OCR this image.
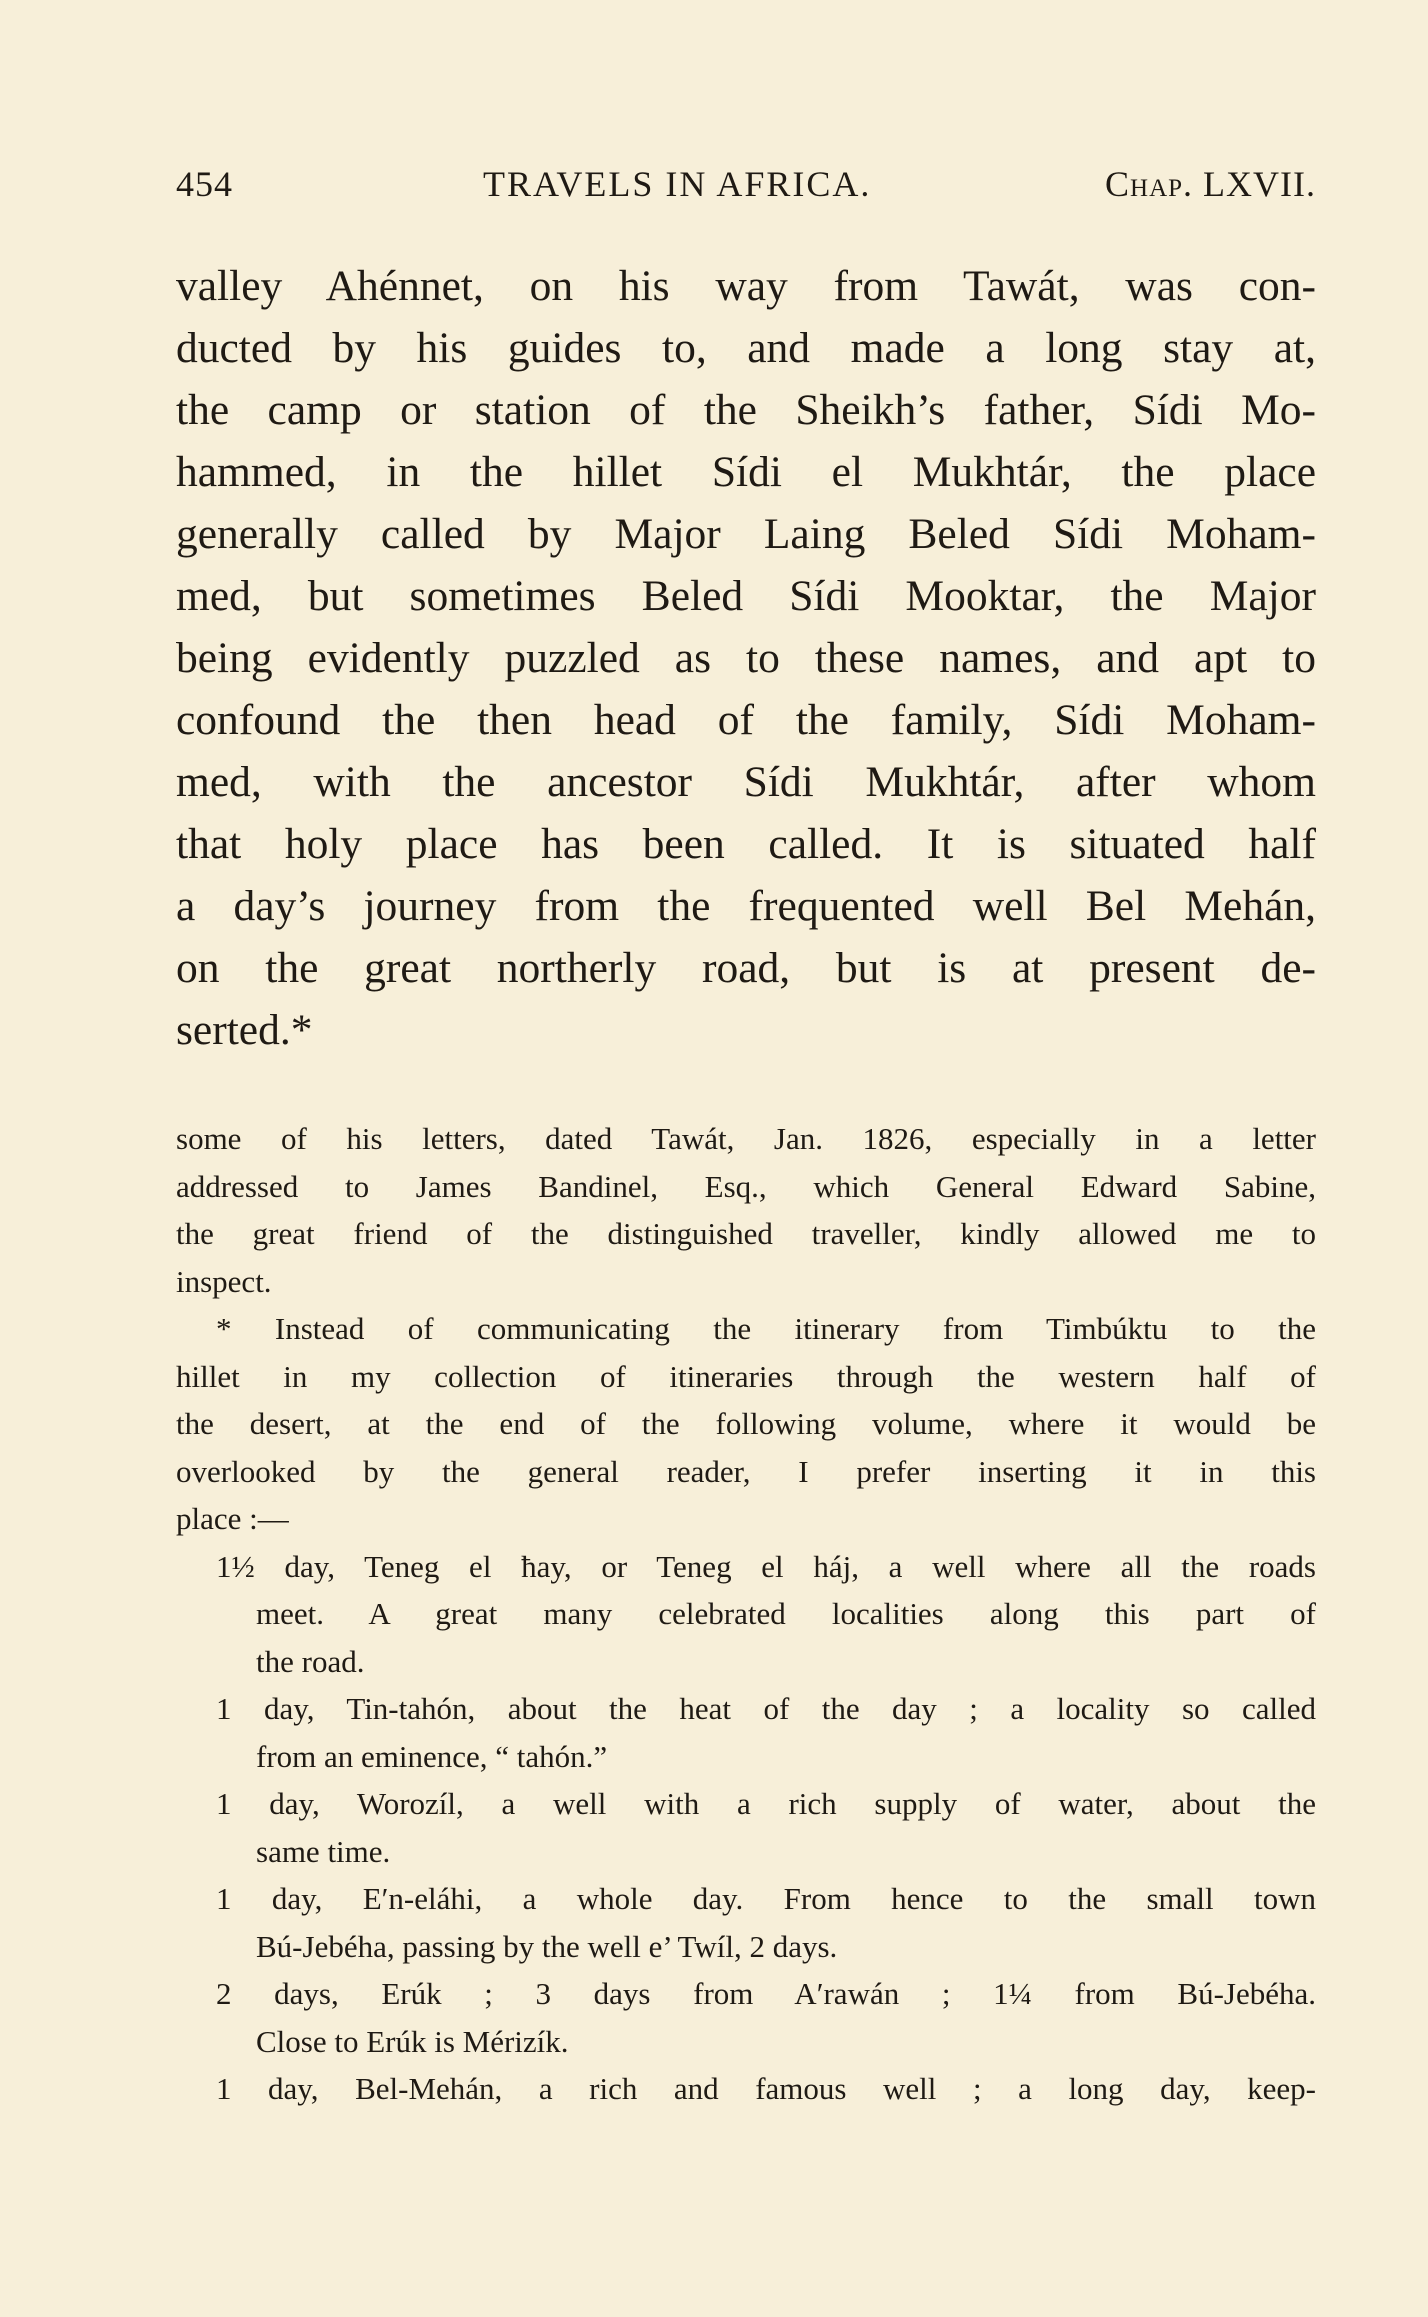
454	TRAVELS IN AFRICA.	Chap. LXVII.
valley Ahénnet, on his way from Tawát, was con-
ducted by his guides to, and made a long stay at,
the camp or station of the Sheikh’s father, Sídi Mo-
hammed, in the hillet Sídi el Mukhtár, the place
generally called by Major Laing Beled Sídi Moham-
med, but sometimes Beled Sídi Mooktar, the Major
being evidently puzzled as to these names, and apt to
confound the then head of the family, Sídi Moham-
med, with the ancestor Sídi Mukhtár, after whom
that holy place has been called. It is situated half
a day’s journey from the frequented well Bel Mehán,
on the great northerly road, but is at present de-
serted.*
some of his letters, dated Tawát, Jan. 1826, especially in a letter
addressed to James Bandinel, Esq., which General Edward Sabine,
the great friend of the distinguished traveller, kindly allowed me to
inspect.
* Instead of communicating the itinerary from Timbúktu to the
hillet in my collection of itineraries through the western half of
the desert, at the end of the following volume, where it would be
overlooked by the general reader, I prefer inserting it in this
place :—
1½ day, Teneg el ħay, or Teneg el háj, a well where all the roads
meet. A great many celebrated localities along this part of
the road.
1 day, Tin-tahón, about the heat of the day ; a locality so called
from an eminence, “ tahón.”
1 day, Worozíl, a well with a rich supply of water, about the
same time.
1 day, E′n-eláhi, a whole day. From hence to the small town
Bú-Jebéha, passing by the well e’ Twíl, 2 days.
2 days, Erúk ; 3 days from A′rawán ; 1¼ from Bú-Jebéha.
Close to Erúk is Mérizík.
1 day, Bel-Mehán, a rich and famous well ; a long day, keep-
